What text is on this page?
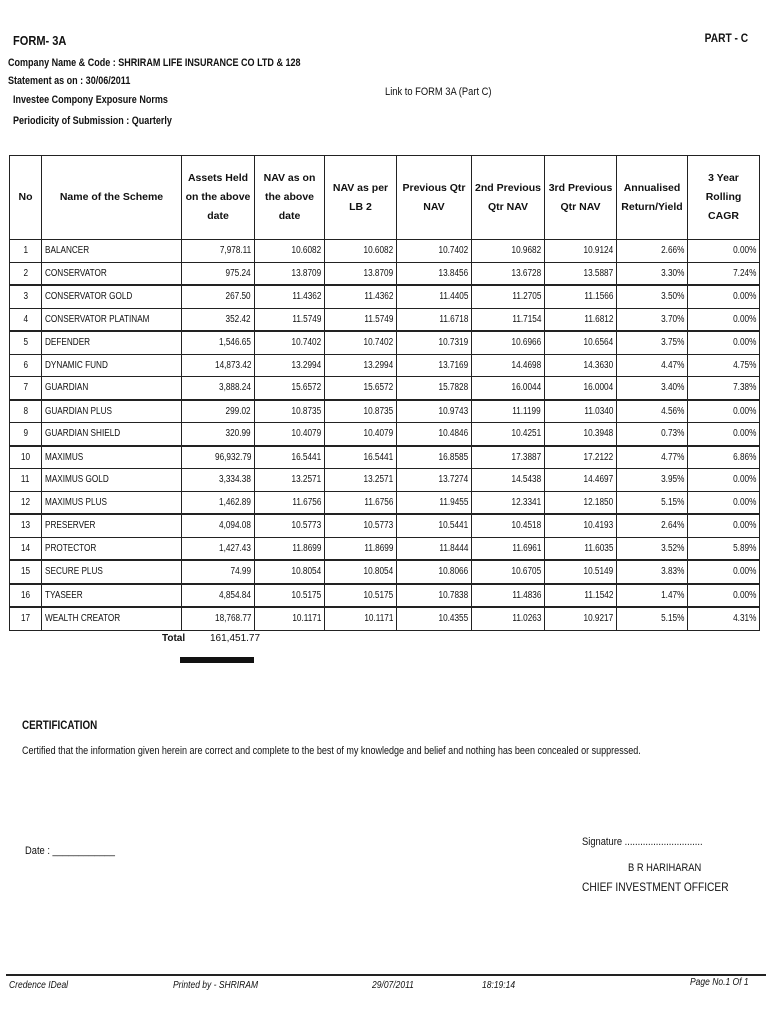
FORM- 3A	PART - C
Company Name & Code : SHRIRAM LIFE INSURANCE CO LTD & 128
Statement as on : 30/06/2011
Investee Compony Exposure Norms
Periodicity of Submission : Quarterly
Link to FORM 3A (Part C)
No	Name of the Scheme	Assets Held on the above date	NAV as on the above date	NAV as per LB 2	Previous Qtr NAV	2nd Previous Qtr NAV	3rd Previous Qtr NAV	Annualised Return/Yield	3 Year Rolling CAGR
1	BALANCER	7,978.11	10.6082	10.6082	10.7402	10.9682	10.9124	2.66%	0.00%
2	CONSERVATOR	975.24	13.8709	13.8709	13.8456	13.6728	13.5887	3.30%	7.24%
3	CONSERVATOR GOLD	267.50	11.4362	11.4362	11.4405	11.2705	11.1566	3.50%	0.00%
4	CONSERVATOR PLATINAM	352.42	11.5749	11.5749	11.6718	11.7154	11.6812	3.70%	0.00%
5	DEFENDER	1,546.65	10.7402	10.7402	10.7319	10.6966	10.6564	3.75%	0.00%
6	DYNAMIC FUND	14,873.42	13.2994	13.2994	13.7169	14.4698	14.3630	4.47%	4.75%
7	GUARDIAN	3,888.24	15.6572	15.6572	15.7828	16.0044	16.0004	3.40%	7.38%
8	GUARDIAN PLUS	299.02	10.8735	10.8735	10.9743	11.1199	11.0340	4.56%	0.00%
9	GUARDIAN SHIELD	320.99	10.4079	10.4079	10.4846	10.4251	10.3948	0.73%	0.00%
10	MAXIMUS	96,932.79	16.5441	16.5441	16.8585	17.3887	17.2122	4.77%	6.86%
11	MAXIMUS GOLD	3,334.38	13.2571	13.2571	13.7274	14.5438	14.4697	3.95%	0.00%
12	MAXIMUS PLUS	1,462.89	11.6756	11.6756	11.9455	12.3341	12.1850	5.15%	0.00%
13	PRESERVER	4,094.08	10.5773	10.5773	10.5441	10.4518	10.4193	2.64%	0.00%
14	PROTECTOR	1,427.43	11.8699	11.8699	11.8444	11.6961	11.6035	3.52%	5.89%
15	SECURE PLUS	74.99	10.8054	10.8054	10.8066	10.6705	10.5149	3.83%	0.00%
16	TYASEER	4,854.84	10.5175	10.5175	10.7838	11.4836	11.1542	1.47%	0.00%
17	WEALTH CREATOR	18,768.77	10.1171	10.1171	10.4355	11.0263	10.9217	5.15%	4.31%
Total 161,451.77
CERTIFICATION
Certified that the information given herein are correct and complete to the best of my knowledge and belief and nothing has been concealed or suppressed.
Date : ____________
Signature ..............................
B R HARIHARAN
CHIEF INVESTMENT OFFICER
Credence IDeal	Printed by - SHRIRAM	29/07/2011	18:19:14	Page No.1 Of 1
